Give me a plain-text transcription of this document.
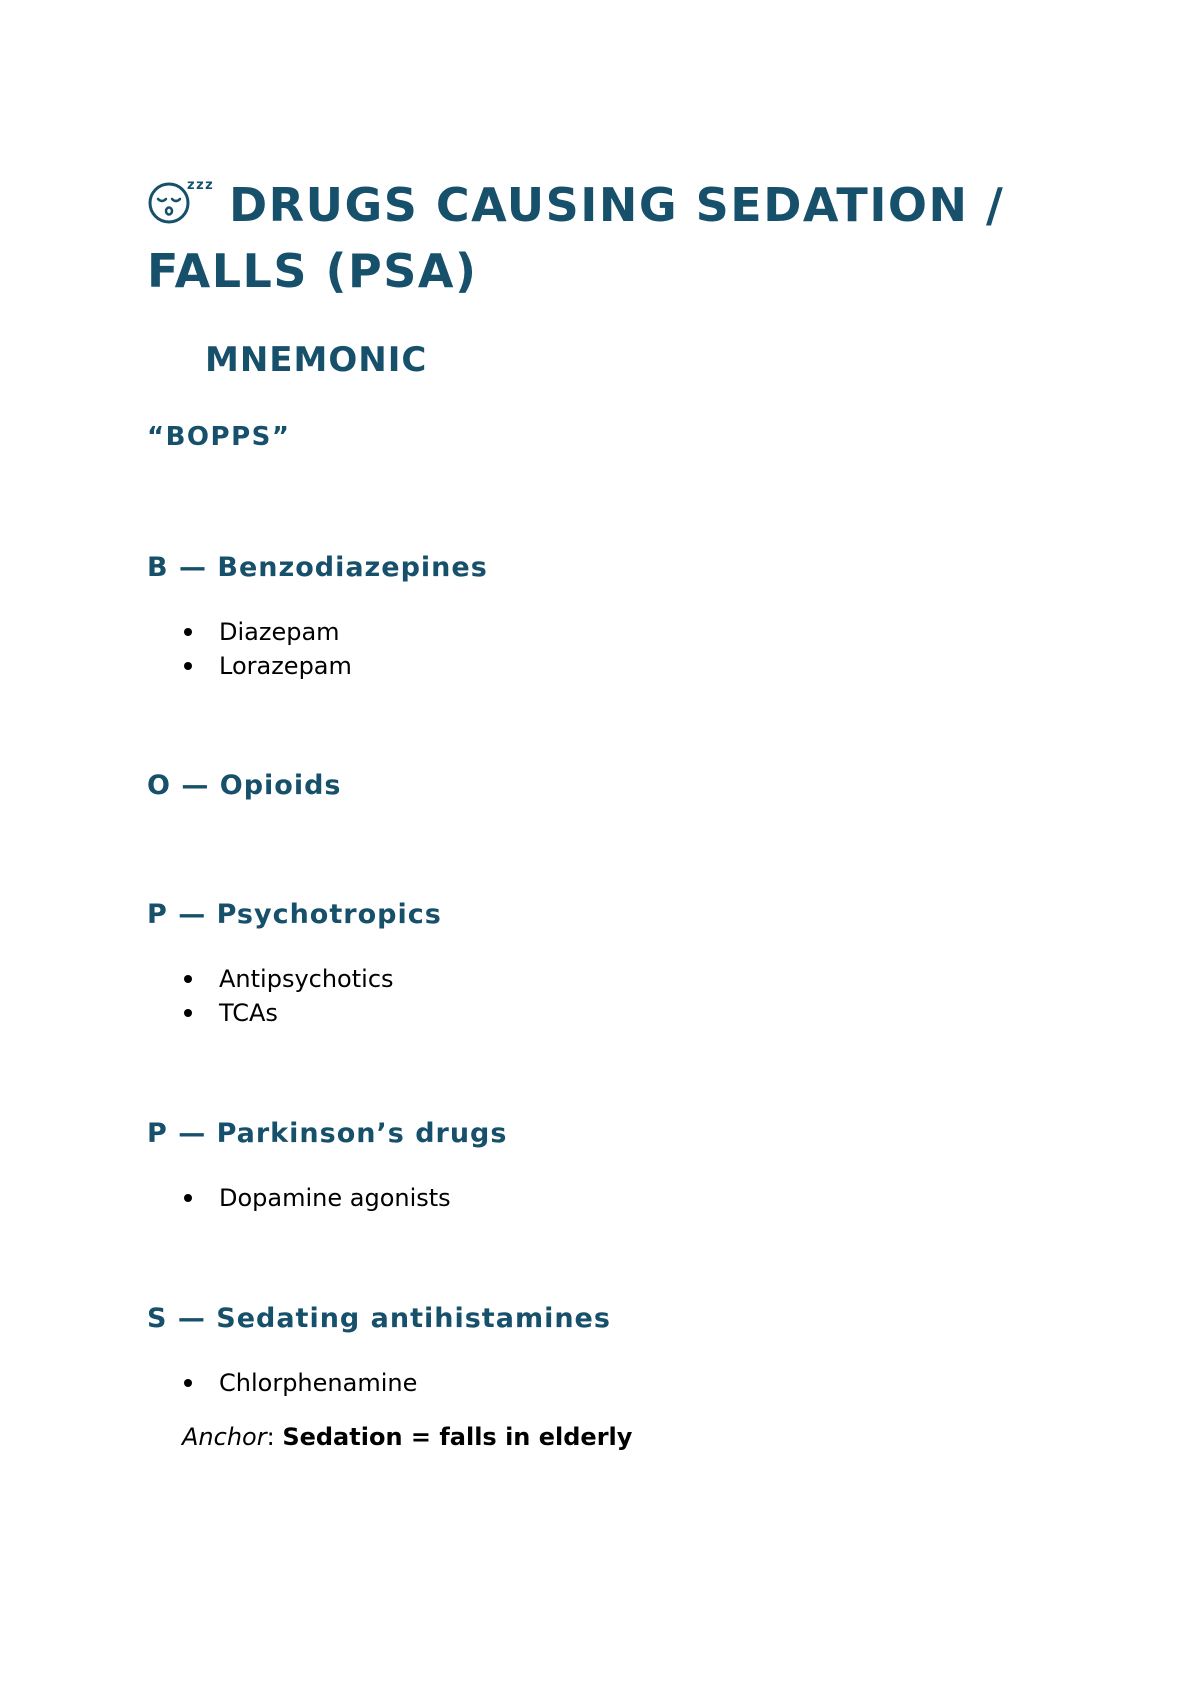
zzz DRUGS CAUSING SEDATION / FALLS (PSA)
MNEMONIC

“BOPPS”

B — Benzodiazepines
Diazepam
Lorazepam
O — Opioids
P — Psychotropics
Antipsychotics
TCAs
P — Parkinson’s drugs
Dopamine agonists
S — Sedating antihistamines
Chlorphenamine

Anchor: Sedation = falls in elderly
